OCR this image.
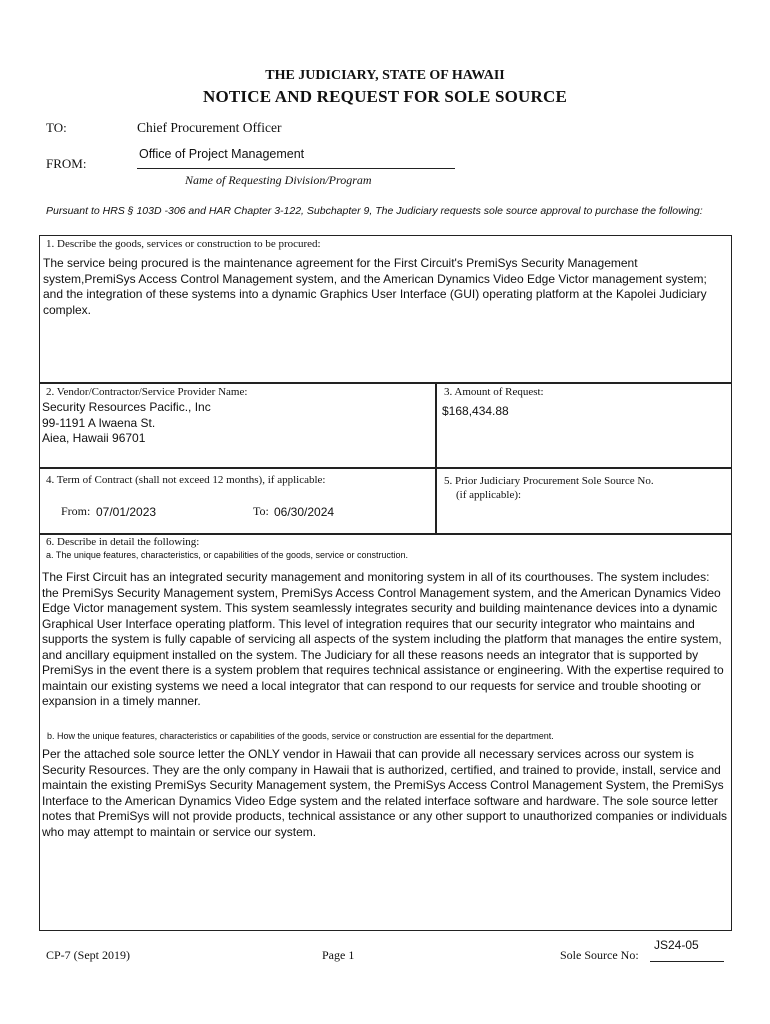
THE JUDICIARY, STATE OF HAWAII
NOTICE AND REQUEST FOR SOLE SOURCE
TO:	Chief Procurement Officer
FROM:
Office of Project Management
Name of Requesting Division/Program
Pursuant to HRS § 103D -306 and HAR Chapter 3-122, Subchapter 9, The Judiciary requests sole source approval to purchase the following:
1. Describe the goods, services or construction to be procured:
The service being procured is the maintenance agreement for the First Circuit's PremiSys Security Management system,PremiSys Access Control Management system, and the American Dynamics Video Edge Victor management system; and the integration of these systems into a dynamic Graphics User Interface (GUI) operating platform at the Kapolei Judiciary complex.
2. Vendor/Contractor/Service Provider Name:
Security Resources Pacific., Inc
99-1191 A Iwaena St.
Aiea, Hawaii 96701
3. Amount of Request:
$168,434.88
4. Term of Contract (shall not exceed 12 months), if applicable:
From: 07/01/2023	To: 06/30/2024
5. Prior Judiciary Procurement Sole Source No.
(if applicable):
6. Describe in detail the following:
a. The unique features, characteristics, or capabilities of the goods, service or construction.
The First Circuit has an integrated security management and monitoring system in all of its courthouses. The system includes: the PremiSys Security Management system, PremiSys Access Control Management system, and the American Dynamics Video Edge Victor management system. This system seamlessly integrates security and building maintenance devices into a dynamic Graphical User Interface operating platform. This level of integration requires that our security integrator who maintains and supports the system is fully capable of servicing all aspects of the system including the platform that manages the entire system, and ancillary equipment installed on the system. The Judiciary for all these reasons needs an integrator that is supported by PremiSys in the event there is a system problem that requires technical assistance or engineering. With the expertise required to maintain our existing systems we need a local integrator that can respond to our requests for service and trouble shooting or expansion in a timely manner.
b. How the unique features, characteristics or capabilities of the goods, service or construction are essential for the department.
Per the attached sole source letter the ONLY vendor in Hawaii that can provide all necessary services across our system is Security Resources. They are the only company in Hawaii that is authorized, certified, and trained to provide, install, service and maintain the existing PremiSys Security Management system, the PremiSys Access Control Management System, the PremiSys Interface to the American Dynamics Video Edge system and the related interface software and hardware. The sole source letter notes that PremiSys will not provide products, technical assistance or any other support to unauthorized companies or individuals who may attempt to maintain or service our system.
CP-7 (Sept 2019)	Page 1	Sole Source No:
JS24-05
